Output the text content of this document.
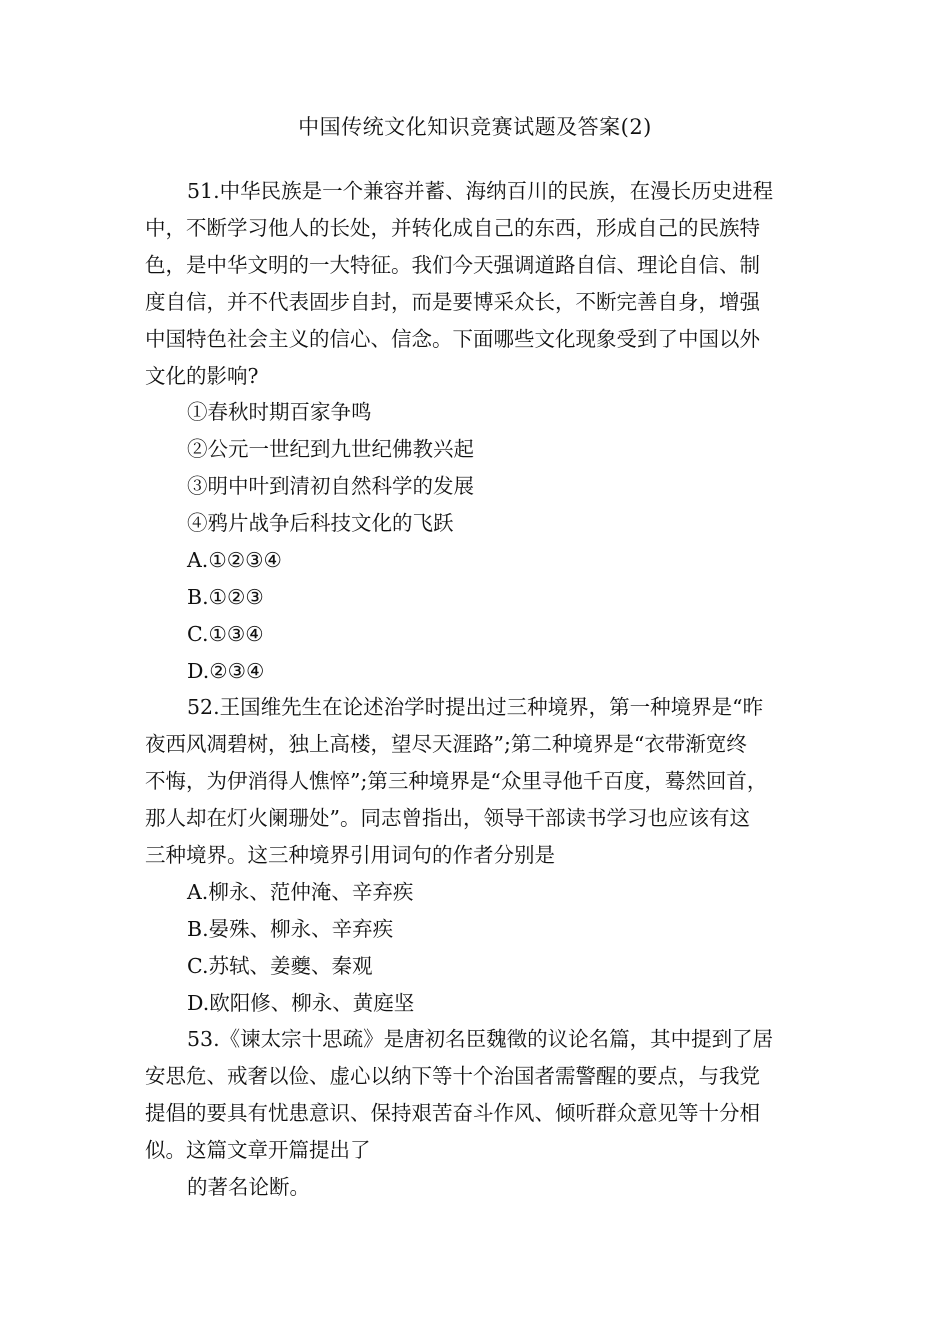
中国传统文化知识竞赛试题及答案(2)
51.中华民族是一个兼容并蓄、海纳百川的民族，在漫长历史进程
中，不断学习他人的长处，并转化成自己的东西，形成自己的民族特
色，是中华文明的一大特征。我们今天强调道路自信、理论自信、制
度自信，并不代表固步自封，而是要博采众长，不断完善自身，增强
中国特色社会主义的信心、信念。下面哪些文化现象受到了中国以外
文化的影响?
①春秋时期百家争鸣
②公元一世纪到九世纪佛教兴起
③明中叶到清初自然科学的发展
④鸦片战争后科技文化的飞跃
A.①②③④
B.①②③
C.①③④
D.②③④
52.王国维先生在论述治学时提出过三种境界，第一种境界是“昨
夜西风凋碧树，独上高楼，望尽天涯路”;第二种境界是“衣带渐宽终
不悔，为伊消得人憔悴”;第三种境界是“众里寻他千百度，蓦然回首，
那人却在灯火阑珊处”。同志曾指出，领导干部读书学习也应该有这
三种境界。这三种境界引用词句的作者分别是
A.柳永、范仲淹、辛弃疾
B.晏殊、柳永、辛弃疾
C.苏轼、姜夔、秦观
D.欧阳修、柳永、黄庭坚
53.《谏太宗十思疏》是唐初名臣魏徵的议论名篇，其中提到了居
安思危、戒奢以俭、虚心以纳下等十个治国者需警醒的要点，与我党
提倡的要具有忧患意识、保持艰苦奋斗作风、倾听群众意见等十分相
似。这篇文章开篇提出了
的著名论断。
